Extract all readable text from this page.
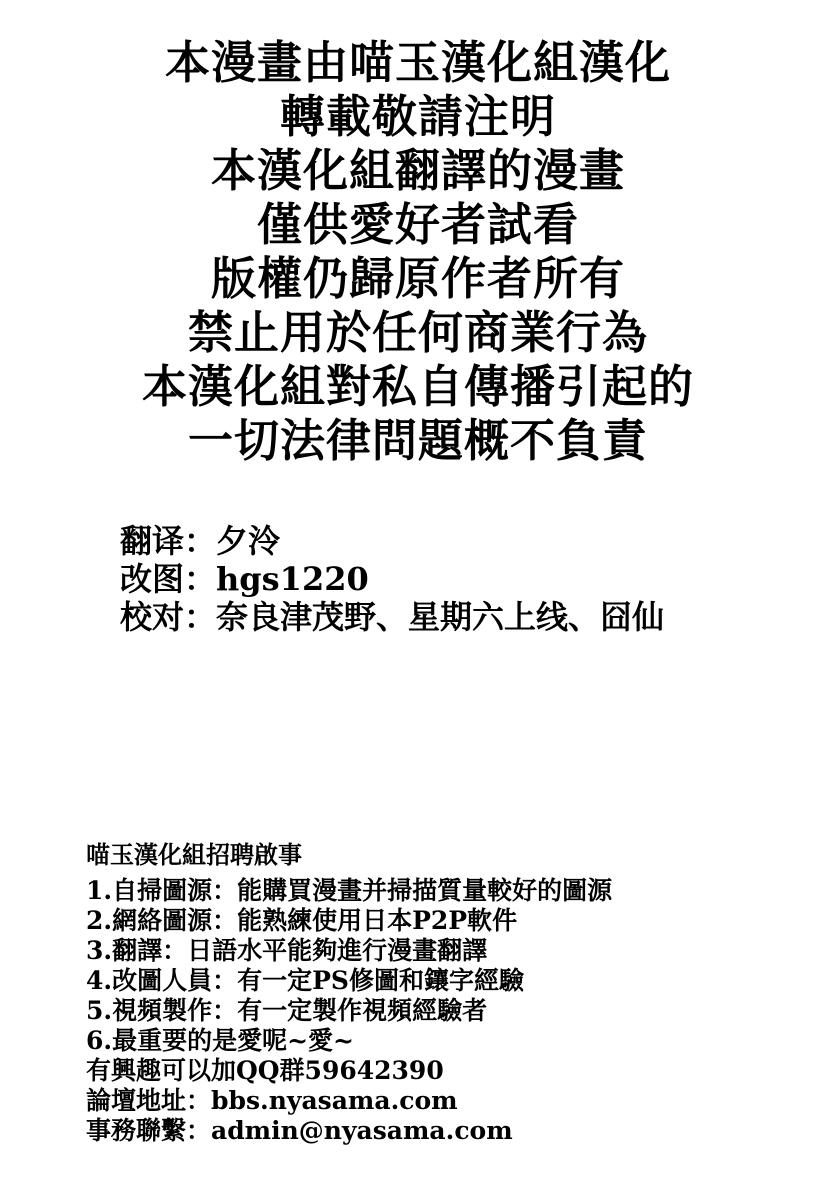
本漫畫由喵玉漢化組漢化
轉載敬請注明
本漢化組翻譯的漫畫
僅供愛好者試看
版權仍歸原作者所有
禁止用於任何商業行為
本漢化組對私自傳播引起的
一切法律問題概不負責
翻译：夕泠
改图：hgs1220
校对：奈良津茂野、星期六上线、囧仙
喵玉漢化組招聘啟事
1.自掃圖源：能購買漫畫并掃描質量較好的圖源
2.網絡圖源：能熟練使用日本P2P軟件
3.翻譯：日語水平能夠進行漫畫翻譯
4.改圖人員：有一定PS修圖和鑲字經驗
5.視頻製作：有一定製作視頻經驗者
6.最重要的是愛呢~愛~
有興趣可以加QQ群59642390
論壇地址：bbs.nyasama.com
事務聯繫：admin@nyasama.com
